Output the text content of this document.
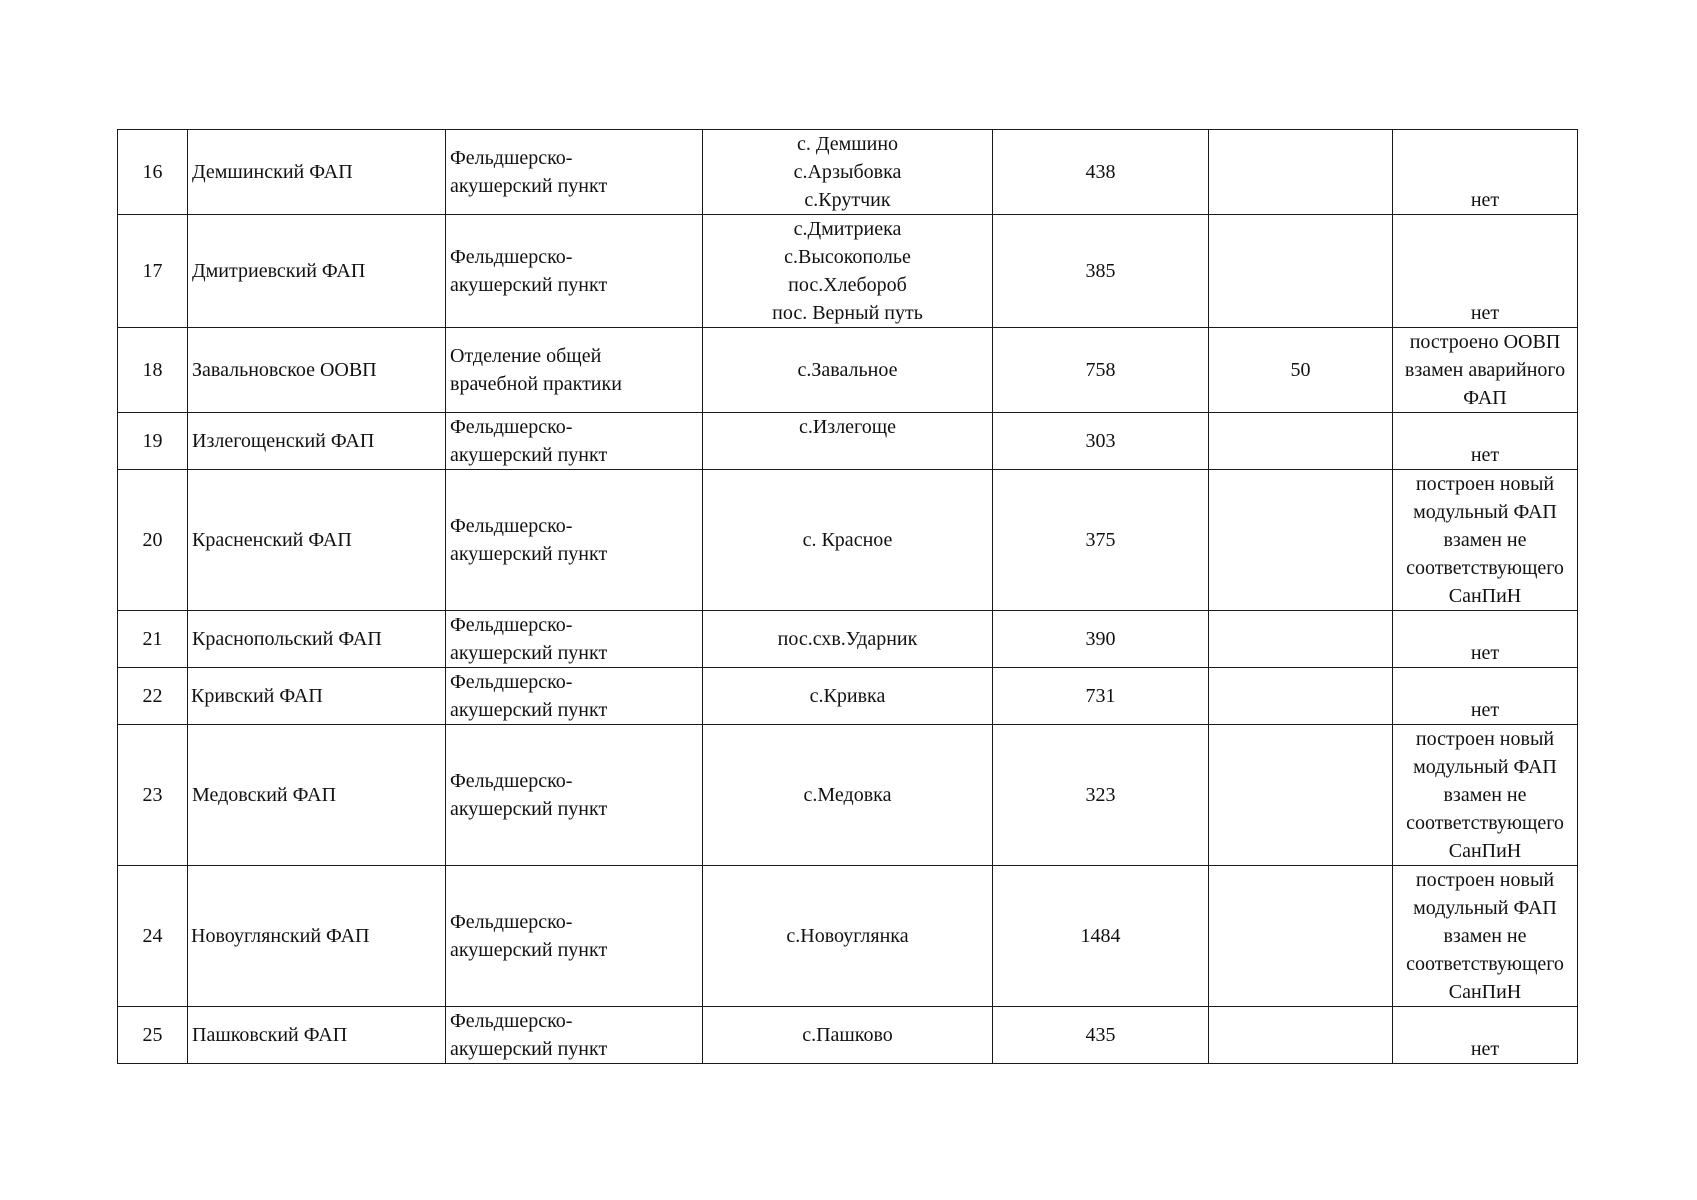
16	Демшинский ФАП	Фельдшерско-
акушерский пункт	с. Демшино
с.Арзыбовка
с.Крутчик	438		нет

17	Дмитриевский ФАП	Фельдшерско-
акушерский пункт	с.Дмитриека
с.Высокополье
пос.Хлебороб
пос. Верный путь	385		нет

18	Завальновское ООВП	Отделение общей
врачебной практики	с.Завальное	758	50	построено ООВП
взамен аварийного
ФАП

19	Излегощенский ФАП	Фельдшерско-
акушерский пункт	с.Излегоще	303		нет

20	Красненский ФАП	Фельдшерско-
акушерский пункт	с. Красное	375		построен новый
модульный ФАП
взамен не
соответствующего
СанПиН

21	Краснопольский ФАП	Фельдшерско-
акушерский пункт	пос.схв.Ударник	390		нет

22	Кривский ФАП	Фельдшерско-
акушерский пункт	с.Кривка	731		нет

23	Медовский ФАП	Фельдшерско-
акушерский пункт	с.Медовка	323		построен новый
модульный ФАП
взамен не
соответствующего
СанПиН

24	Новоуглянский ФАП	Фельдшерско-
акушерский пункт	с.Новоуглянка	1484		построен новый
модульный ФАП
взамен не
соответствующего
СанПиН

25	Пашковский ФАП	Фельдшерско-
акушерский пункт	с.Пашково	435		нет
